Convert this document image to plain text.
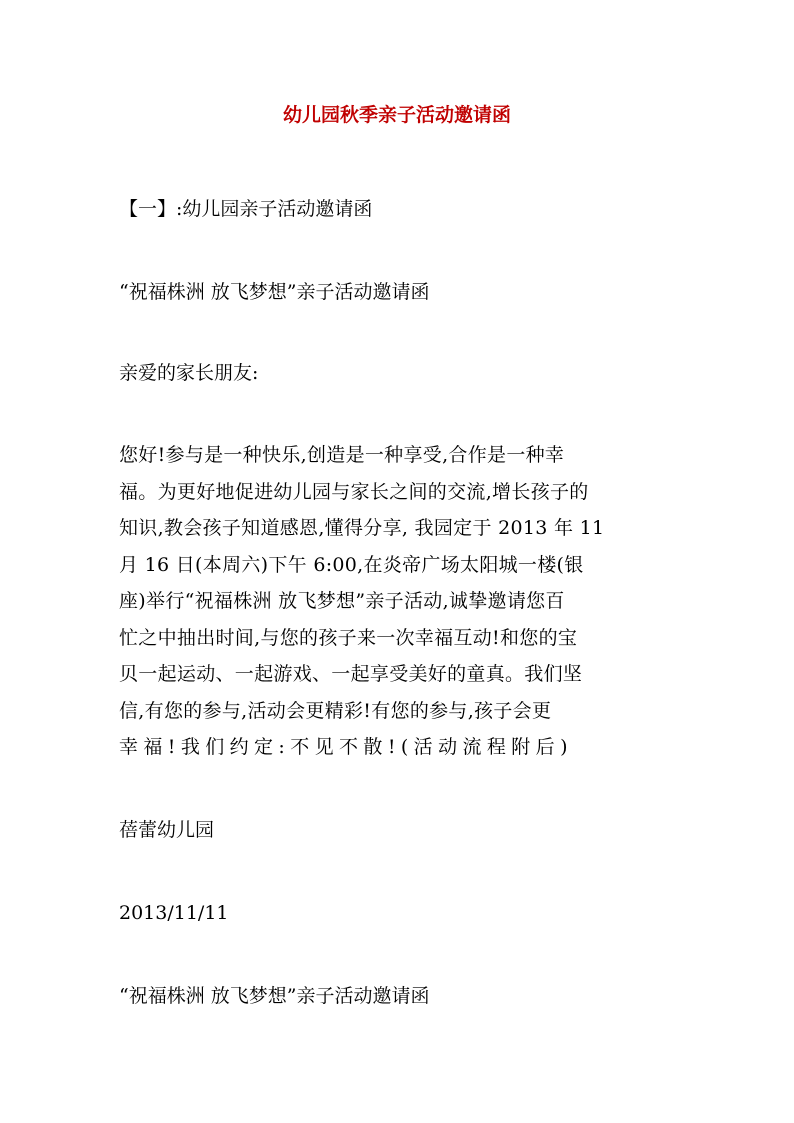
幼儿园秋季亲子活动邀请函
【一】:幼儿园亲子活动邀请函
“祝福株洲 放飞梦想”亲子活动邀请函
亲爱的家长朋友:
您好!参与是一种快乐,创造是一种享受,合作是一种幸
福。为更好地促进幼儿园与家长之间的交流,增长孩子的
知识,教会孩子知道感恩,懂得分享, 我园定于 2013 年 11
月 16 日(本周六)下午 6:00,在炎帝广场太阳城一楼(银
座)举行“祝福株洲 放飞梦想”亲子活动,诚挚邀请您百
忙之中抽出时间,与您的孩子来一次幸福互动!和您的宝
贝一起运动、一起游戏、一起享受美好的童真。我们坚
信,有您的参与,活动会更精彩!有您的参与,孩子会更
幸福!我们约定:不见不散!(活动流程附后)
蓓蕾幼儿园
2013/11/11
“祝福株洲 放飞梦想”亲子活动邀请函
